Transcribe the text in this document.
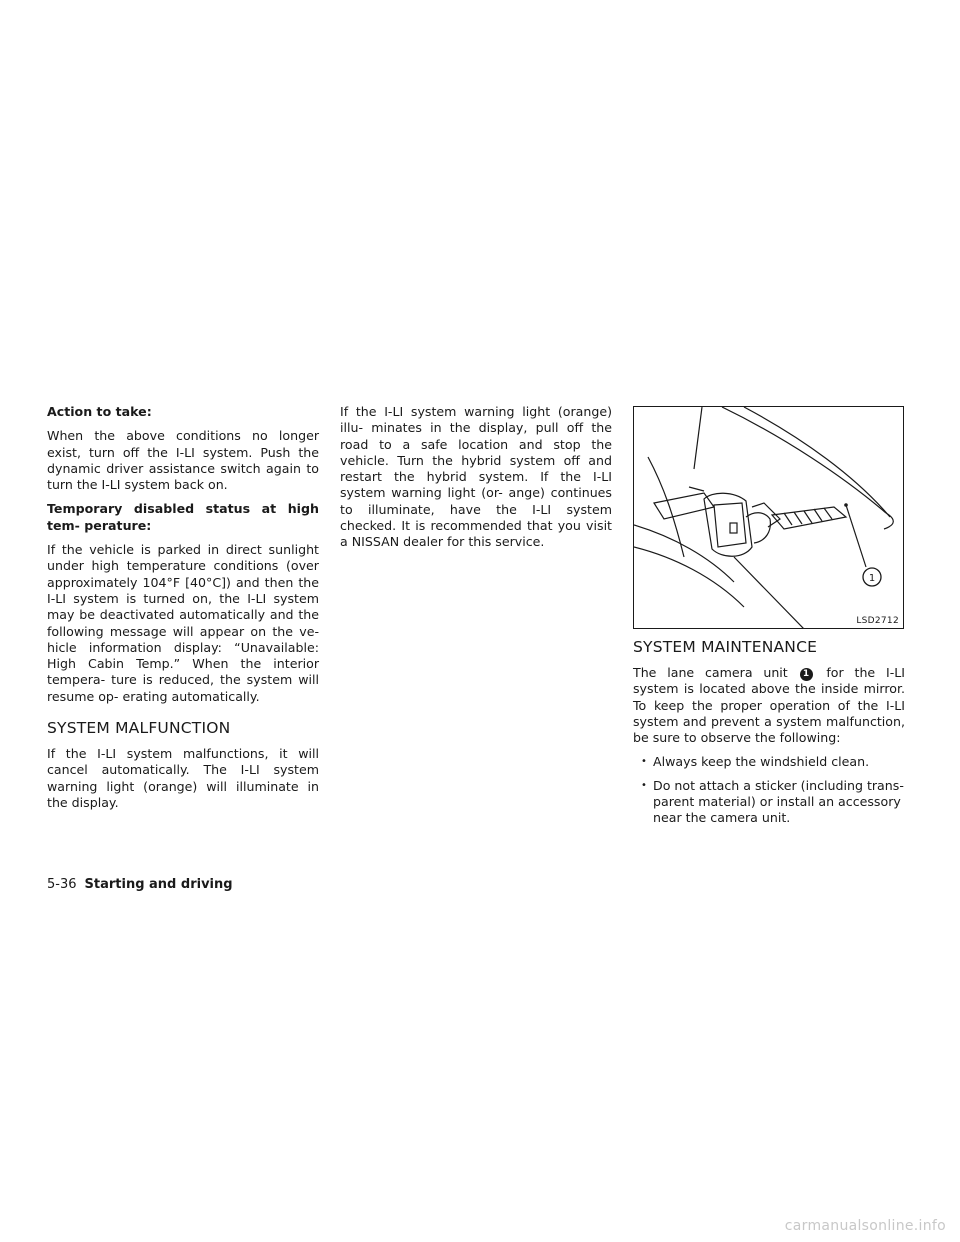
Action to take:

When the above conditions no longer exist, turn off the I-LI system. Push the dynamic driver assistance switch again to turn the I-LI system back on.

Temporary disabled status at high tem- perature:

If the vehicle is parked in direct sunlight under high temperature conditions (over approximately 104°F [40°C]) and then the I-LI system is turned on, the I-LI system may be deactivated automatically and the following message will appear on the ve- hicle information display: “Unavailable: High Cabin Temp.” When the interior tempera- ture is reduced, the system will resume op- erating automatically.

SYSTEM MALFUNCTION

If the I-LI system malfunctions, it will cancel automatically. The I-LI system warning light (orange) will illuminate in the display.

If the I-LI system warning light (orange) illu- minates in the display, pull off the road to a safe location and stop the vehicle. Turn the hybrid system off and restart the hybrid system. If the I-LI system warning light (or- ange) continues to illuminate, have the I-LI system checked. It is recommended that you visit a NISSAN dealer for this service.

1
LSD2712
SYSTEM MAINTENANCE

The lane camera unit 1 for the I-LI system is located above the inside mirror. To keep the proper operation of the I-LI system and prevent a system malfunction, be sure to observe the following:

• Always keep the windshield clean.
• Do not attach a sticker (including trans- parent material) or install an accessory near the camera unit.
5-36 Starting and driving
carmanualsonline.info
